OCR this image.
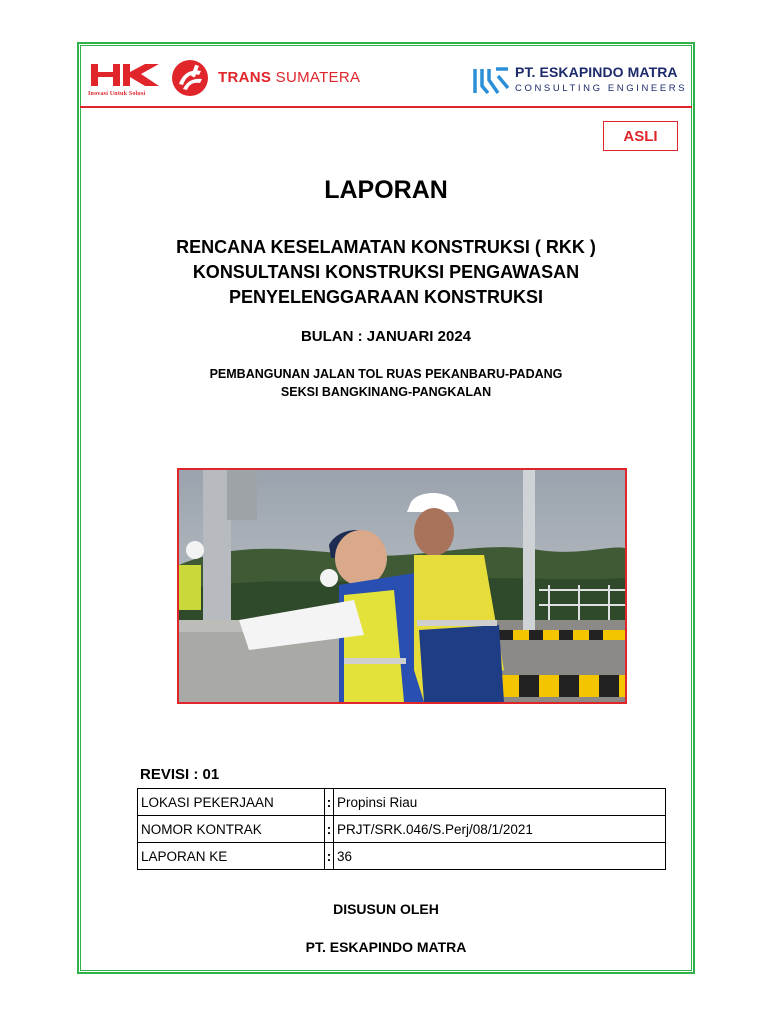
Inovasi Untuk Solusi
TRANS SUMATERA	PT. ESKAPINDO MATRA
CONSULTING ENGINEERS
ASLI
LAPORAN
RENCANA KESELAMATAN KONSTRUKSI ( RKK )
KONSULTANSI KONSTRUKSI PENGAWASAN
PENYELENGGARAAN KONSTRUKSI
BULAN : JANUARI 2024
PEMBANGUNAN JALAN TOL RUAS PEKANBARU-PADANG
SEKSI BANGKINANG-PANGKALAN
REVISI : 01
LOKASI PEKERJAAN	:	Propinsi Riau
NOMOR KONTRAK	:	PRJT/SRK.046/S.Perj/08/1/2021
LAPORAN KE	:	36
DISUSUN OLEH
PT. ESKAPINDO MATRA
